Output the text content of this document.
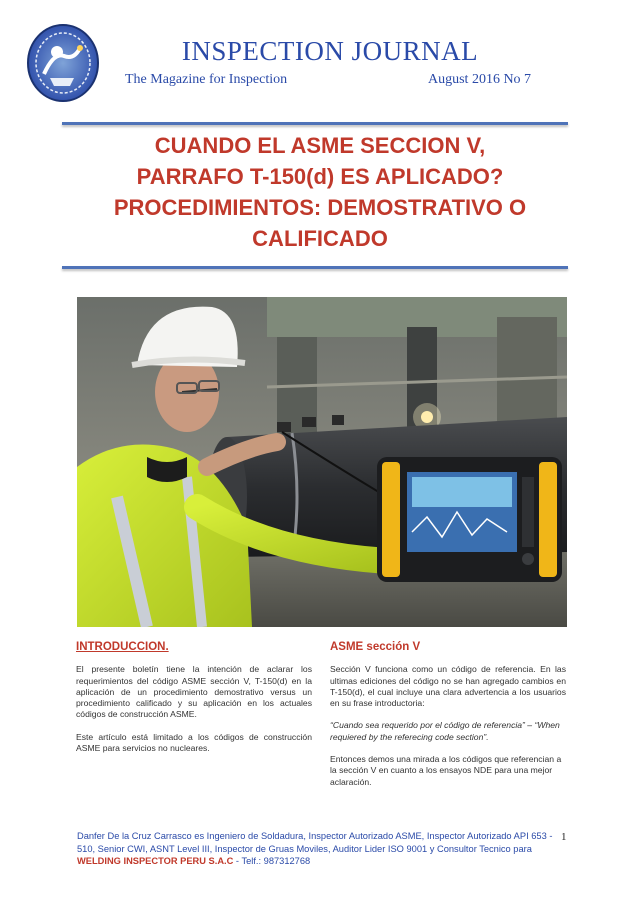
INSPECTION JOURNAL
The Magazine for Inspection	August 2016 No 7
CUANDO EL ASME SECCION V,
PARRAFO T-150(d) ES APLICADO?
PROCEDIMIENTOS: DEMOSTRATIVO O
CALIFICADO
INTRODUCCION.

El presente boletín tiene la intención de aclarar los requerimientos del código ASME sección V, T-150(d) en la aplicación de un procedimiento demostrativo versus un procedimiento calificado y su aplicación en los actuales códigos de construcción ASME.

Este artículo está limitado a los códigos de construcción ASME para servicios no nucleares.

ASME sección V

Sección V funciona como un código de referencia. En las ultimas ediciones del código no se han agregado cambios en T-150(d), el cual incluye una clara advertencia a los usuarios en su frase introductoria:

“Cuando sea requerido por el código de referencia” – “When requiered by the referecing code section”.

Entonces demos una mirada a los códigos que referencian a la sección V en cuanto a los ensayos NDE para una mejor aclaración.

Danfer De la Cruz Carrasco es Ingeniero de Soldadura, Inspector Autorizado ASME, Inspector Autorizado API 653 - 510, Senior CWI, ASNT Level III, Inspector de Gruas Moviles, Auditor Lider ISO 9001 y Consultor Tecnico para WELDING INSPECTOR PERU S.A.C - Telf.: 987312768
1
